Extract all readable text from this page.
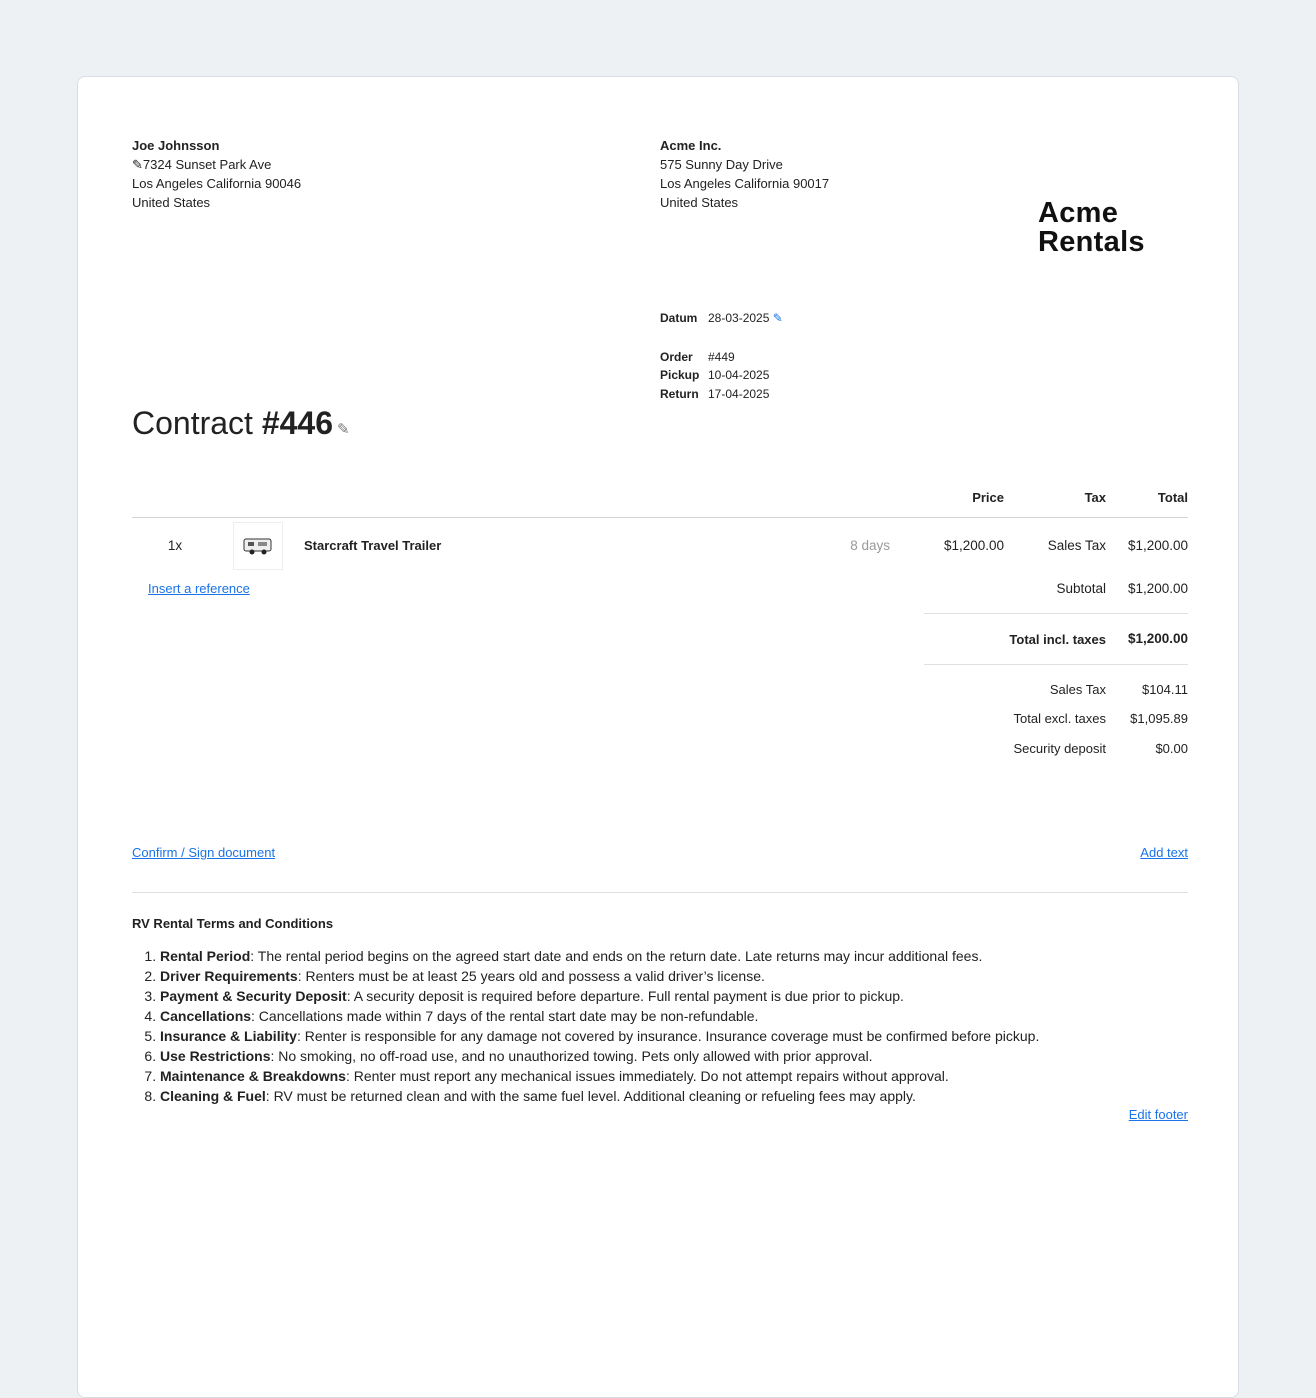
Joe Johnsson
✎7324 Sunset Park Ave
Los Angeles California 90046
United States
Acme Inc.
575 Sunny Day Drive
Los Angeles California 90017
United States	Acme
Rentals
Datum 28-03-2025 ✎
Order #449
Pickup 10-04-2025
Return 17-04-2025
Contract #446 ✎
Price	Tax	Total
1x	Starcraft Travel Trailer	8 days	$1,200.00	Sales Tax	$1,200.00
Insert a reference	Subtotal	$1,200.00
Total incl. taxes	$1,200.00
Sales Tax	$104.11
Total excl. taxes	$1,095.89
Security deposit	$0.00
Confirm / Sign document	Add text
RV Rental Terms and Conditions
1. Rental Period: The rental period begins on the agreed start date and ends on the return date. Late returns may incur additional fees.
2. Driver Requirements: Renters must be at least 25 years old and possess a valid driver’s license.
3. Payment & Security Deposit: A security deposit is required before departure. Full rental payment is due prior to pickup.
4. Cancellations: Cancellations made within 7 days of the rental start date may be non-refundable.
5. Insurance & Liability: Renter is responsible for any damage not covered by insurance. Insurance coverage must be confirmed before pickup.
6. Use Restrictions: No smoking, no off-road use, and no unauthorized towing. Pets only allowed with prior approval.
7. Maintenance & Breakdowns: Renter must report any mechanical issues immediately. Do not attempt repairs without approval.
8. Cleaning & Fuel: RV must be returned clean and with the same fuel level. Additional cleaning or refueling fees may apply.
Edit footer
